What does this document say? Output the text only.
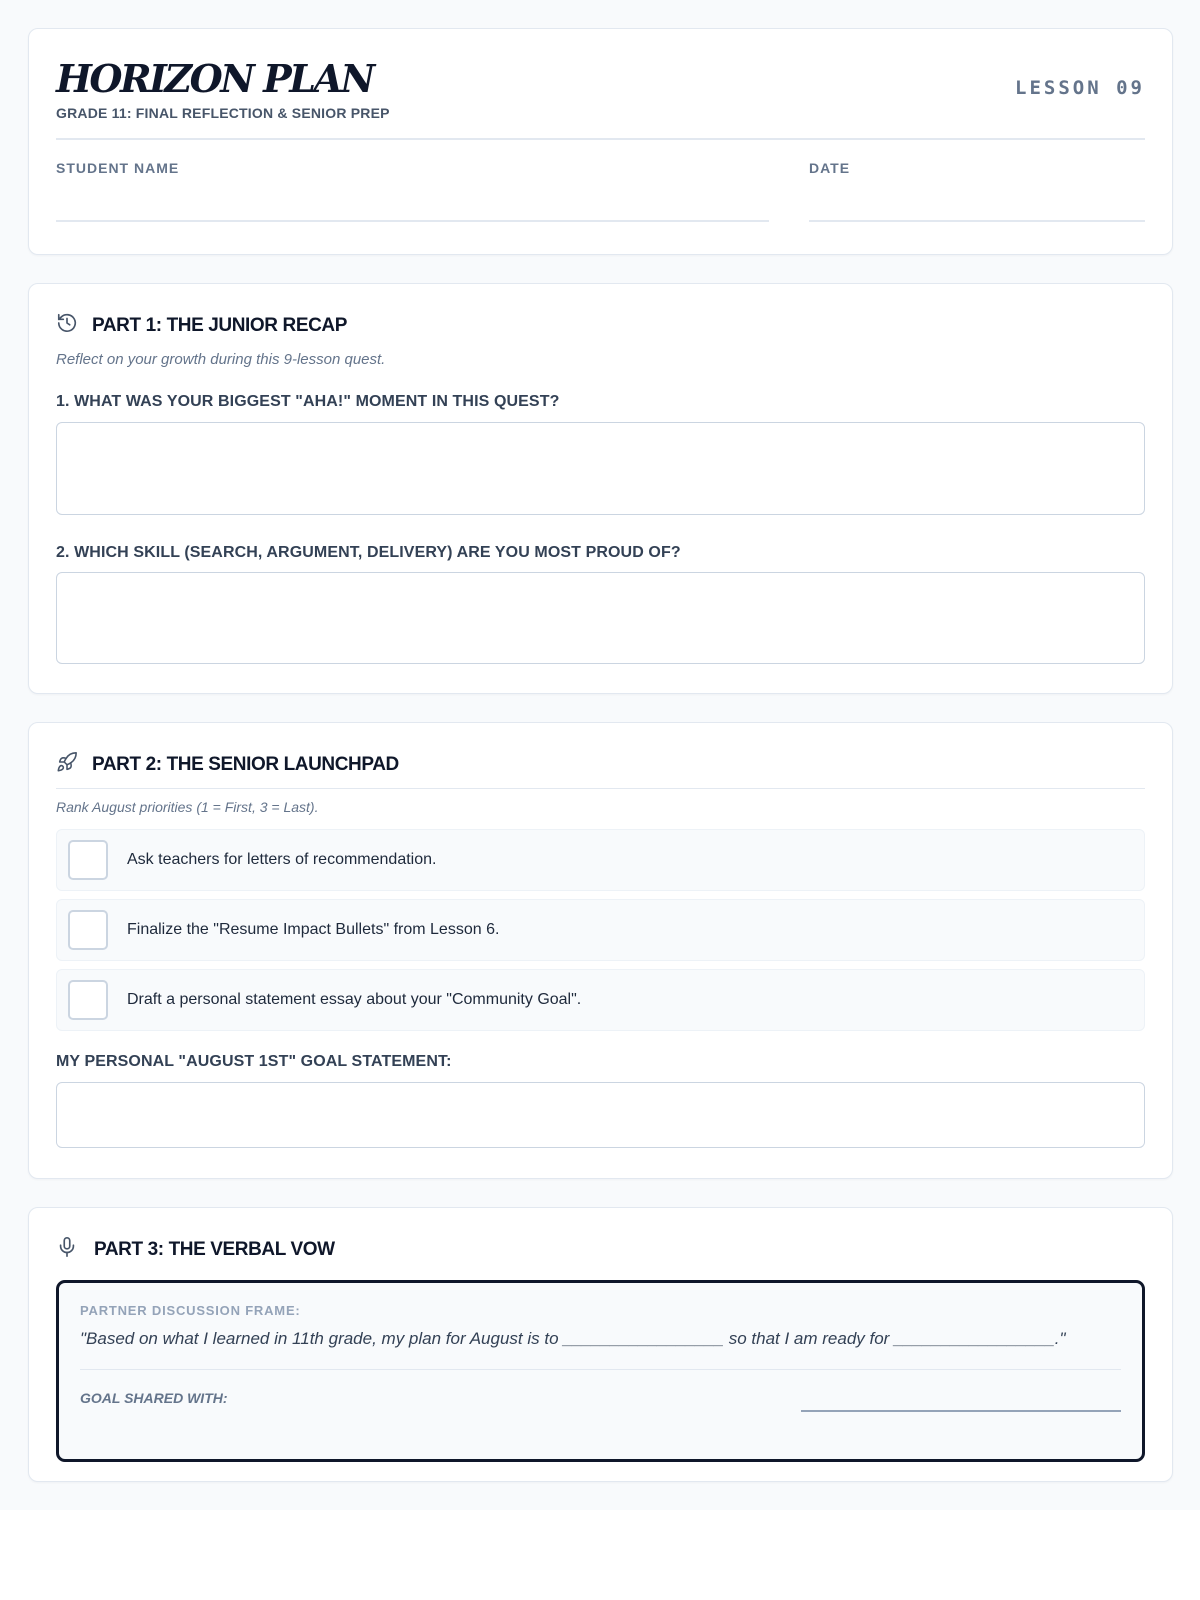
HORIZON PLAN
GRADE 11: FINAL REFLECTION & SENIOR PREP
LESSON 09
STUDENT NAME	DATE
PART 1: THE JUNIOR RECAP

Reflect on your growth during this 9-lesson quest.

1. WHAT WAS YOUR BIGGEST "AHA!" MOMENT IN THIS QUEST?
2. WHICH SKILL (SEARCH, ARGUMENT, DELIVERY) ARE YOU MOST PROUD OF?
PART 2: THE SENIOR LAUNCHPAD

Rank August priorities (1 = First, 3 = Last).

Ask teachers for letters of recommendation.
Finalize the "Resume Impact Bullets" from Lesson 6.
Draft a personal statement essay about your "Community Goal".
MY PERSONAL "AUGUST 1ST" GOAL STATEMENT:
PART 3: THE VERBAL VOW
PARTNER DISCUSSION FRAME:

"Based on what I learned in 11th grade, my plan for August is to _________________ so that I am ready for _________________."

GOAL SHARED WITH:
